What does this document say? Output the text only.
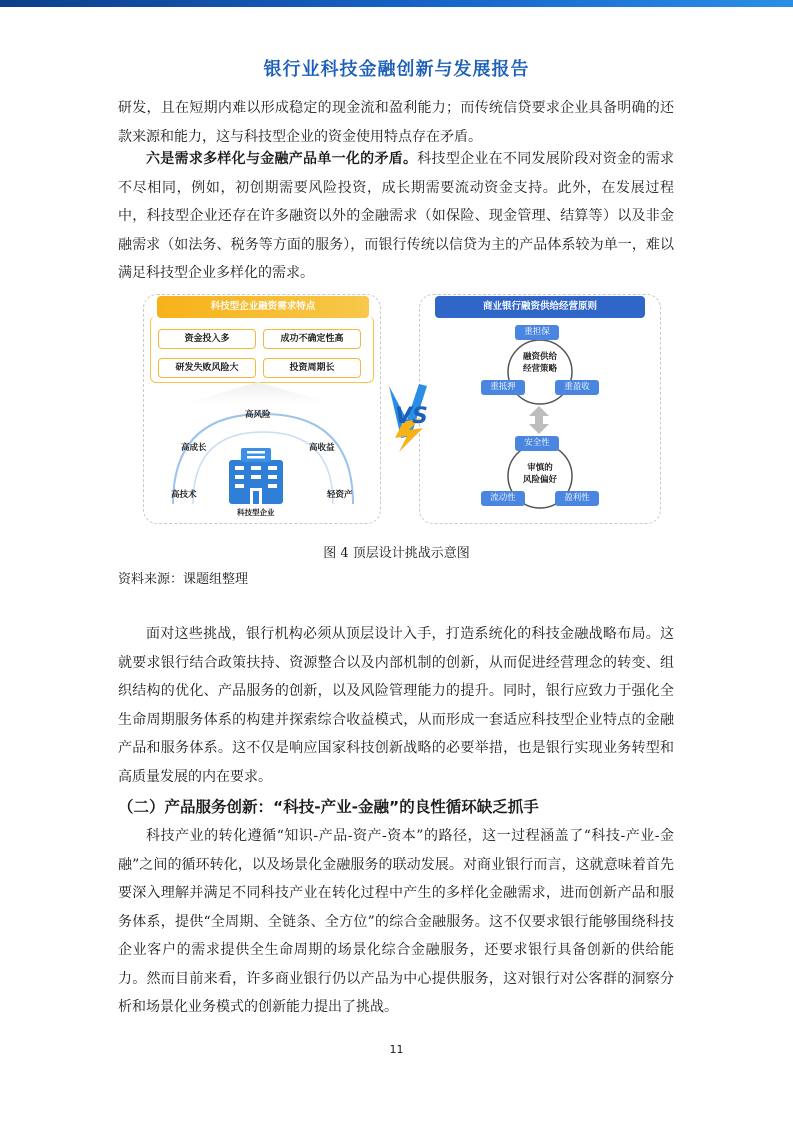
银行业科技金融创新与发展报告

研发，且在短期内难以形成稳定的现金流和盈利能力；而传统信贷要求企业具备明确的还款来源和能力，这与科技型企业的资金使用特点存在矛盾。

六是需求多样化与金融产品单一化的矛盾。科技型企业在不同发展阶段对资金的需求不尽相同，例如，初创期需要风险投资，成长期需要流动资金支持。此外，在发展过程中，科技型企业还存在许多融资以外的金融需求（如保险、现金管理、结算等）以及非金融需求（如法务、税务等方面的服务），而银行传统以信贷为主的产品体系较为单一，难以满足科技型企业多样化的需求。

科技型企业融资需求特点
资金投入多	成功不确定性高
研发失败风险大	投资周期长
高风险
高成长	高收益
高技术	轻资产
科技型企业
VS
商业银行融资供给经营原则
重担保
重抵押	重盈收
融资供给
经营策略
安全性
流动性	盈利性
审慎的
风险偏好
图 4 顶层设计挑战示意图
资料来源：课题组整理

面对这些挑战，银行机构必须从顶层设计入手，打造系统化的科技金融战略布局。这就要求银行结合政策扶持、资源整合以及内部机制的创新，从而促进经营理念的转变、组织结构的优化、产品服务的创新，以及风险管理能力的提升。同时，银行应致力于强化全生命周期服务体系的构建并探索综合收益模式，从而形成一套适应科技型企业特点的金融产品和服务体系。这不仅是响应国家科技创新战略的必要举措，也是银行实现业务转型和高质量发展的内在要求。

（二）产品服务创新：“科技-产业-金融”的良性循环缺乏抓手

科技产业的转化遵循“知识-产品-资产-资本”的路径，这一过程涵盖了“科技-产业-金融”之间的循环转化，以及场景化金融服务的联动发展。对商业银行而言，这就意味着首先要深入理解并满足不同科技产业在转化过程中产生的多样化金融需求，进而创新产品和服务体系，提供“全周期、全链条、全方位”的综合金融服务。这不仅要求银行能够围绕科技企业客户的需求提供全生命周期的场景化综合金融服务，还要求银行具备创新的供给能力。然而目前来看，许多商业银行仍以产品为中心提供服务，这对银行对公客群的洞察分析和场景化业务模式的创新能力提出了挑战。

11
